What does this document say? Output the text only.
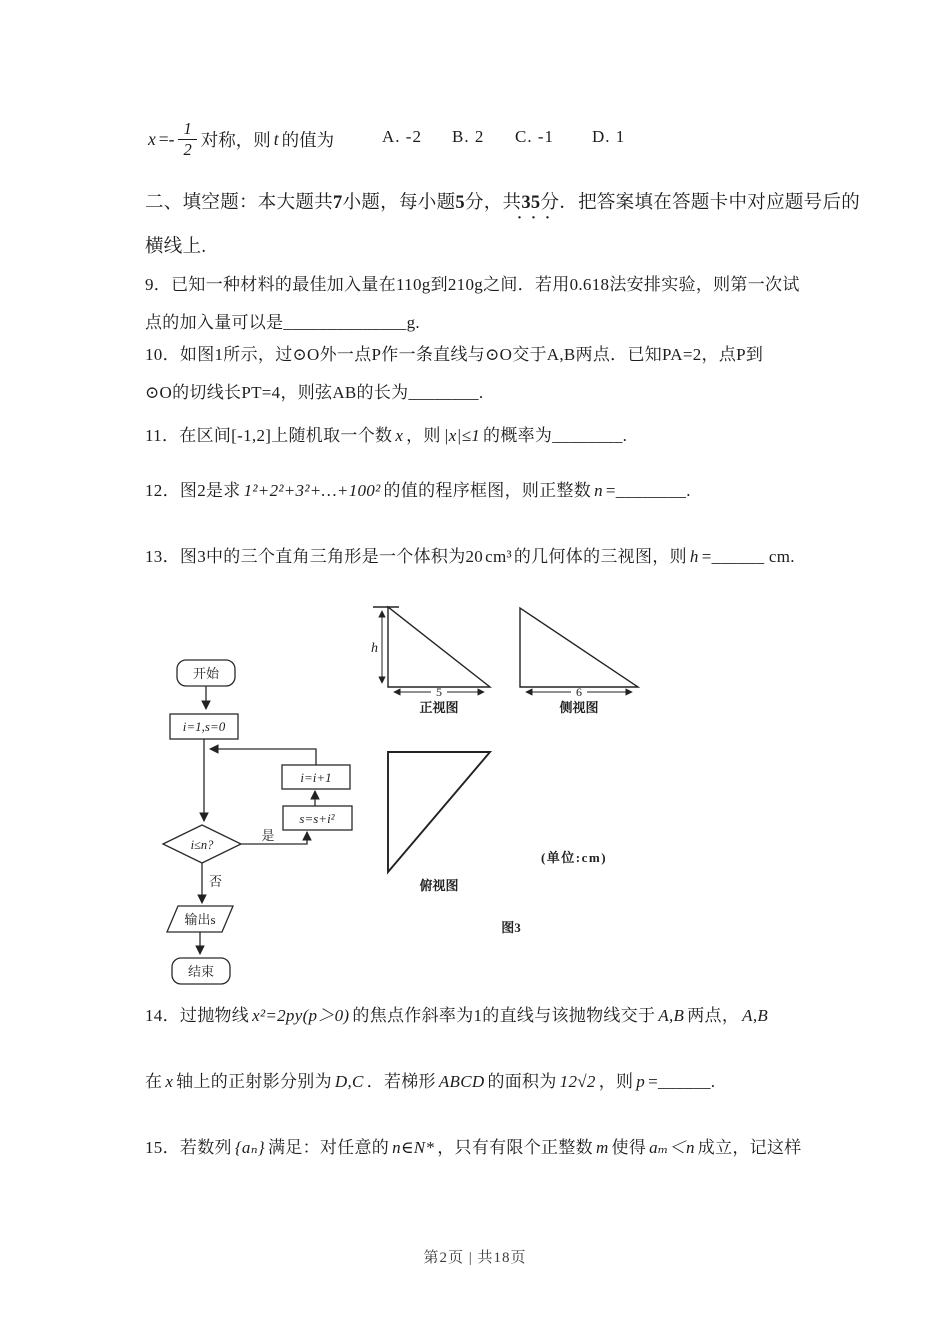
$x =- \frac{1}{2}$ 对称，则 t 的值为	A. -2 B. 2 C. -1 D. 1
二、填空题：本大题共7小题，每小题5分，共35分．把答案填在答题卡中对应题号后的
···
横线上.
9．已知一种材料的最佳加入量在110g到210g之间．若用0.618法安排实验，则第一次试
点的加入量可以是______________g.
10．如图1所示，过⊙O外一点P作一条直线与⊙O交于A,B两点．已知PA=2，点P到
⊙O的切线长PT=4，则弦AB的长为________.
11．在区间[-1,2]上随机取一个数 x ，则 |x|≤1 的概率为________.
12．图2是求 1²+2²+3²+…+100² 的值的程序框图，则正整数 n =________.
13．图3中的三个直角三角形是一个体积为20 cm³ 的几何体的三视图，则 h =______ cm.
开始
i=1,s=0
i≤n?
是
否
i=i+1
s=s+i²
输出s
结束
h
5	6
正视图	侧视图
俯视图
(单位:cm)
图3
14．过抛物线 x²=2py(p＞0) 的焦点作斜率为1的直线与该抛物线交于 A,B 两点， A,B
在 x 轴上的正射影分别为 D,C ．若梯形 ABCD 的面积为 12√2 ，则 p =______.
15．若数列 {aₙ} 满足：对任意的 n∈N* ，只有有限个正整数 m 使得 aₘ＜n 成立，记这样
第2页 | 共18页
